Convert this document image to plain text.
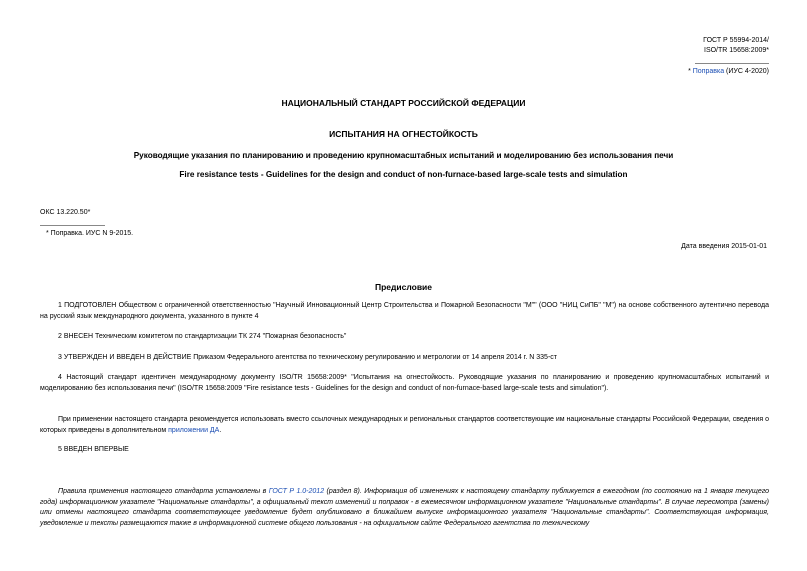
ГОСТ Р 55994-2014/
ISO/TR 15658:2009*
* Поправка (ИУС 4-2020)
НАЦИОНАЛЬНЫЙ СТАНДАРТ РОССИЙСКОЙ ФЕДЕРАЦИИ
ИСПЫТАНИЯ НА ОГНЕСТОЙКОСТЬ
Руководящие указания по планированию и проведению крупномасштабных испытаний и моделированию без использования печи
Fire resistance tests - Guidelines for the design and conduct of non-furnace-based large-scale tests and simulation
ОКС 13.220.50*
* Поправка. ИУС N 9-2015.
Дата введения 2015-01-01
Предисловие
1 ПОДГОТОВЛЕН Обществом с ограниченной ответственностью "Научный Инновационный Центр Строительства и Пожарной Безопасности "М"" (ООО "НИЦ СиПБ" "М") на основе собственного аутентично перевода на русский язык международного документа, указанного в пункте 4
2 ВНЕСЕН Техническим комитетом по стандартизации ТК 274 "Пожарная безопасность"
3 УТВЕРЖДЕН И ВВЕДЕН В ДЕЙСТВИЕ Приказом Федерального агентства по техническому регулированию и метрологии от 14 апреля 2014 г. N 335-ст
4 Настоящий стандарт идентичен международному документу ISO/TR 15658:2009* "Испытания на огнестойкость. Руководящие указания по планированию и проведению крупномасштабных испытаний и моделированию без использования печи" (ISO/TR 15658:2009 "Fire resistance tests - Guidelines for the design and conduct of non-furnace-based large-scale tests and simulation").
При применении настоящего стандарта рекомендуется использовать вместо ссылочных международных и региональных стандартов соответствующие им национальные стандарты Российской Федерации, сведения о которых приведены в дополнительном приложении ДА.
5 ВВЕДЕН ВПЕРВЫЕ
Правила применения настоящего стандарта установлены в ГОСТ Р 1.0-2012 (раздел 8). Информация об изменениях к настоящему стандарту публикуется в ежегодном (по состоянию на 1 января текущего года) информационном указателе "Национальные стандарты", а официальный текст изменений и поправок - в ежемесячном информационном указателе "Национальные стандарты". В случае пересмотра (замены) или отмены настоящего стандарта соответствующее уведомление будет опубликовано в ближайшем выпуске информационного указателя "Национальные стандарты". Соответствующая информация, уведомление и тексты размещаются также в информационной системе общего пользования - на официальном сайте Федерального агентства по техническому
